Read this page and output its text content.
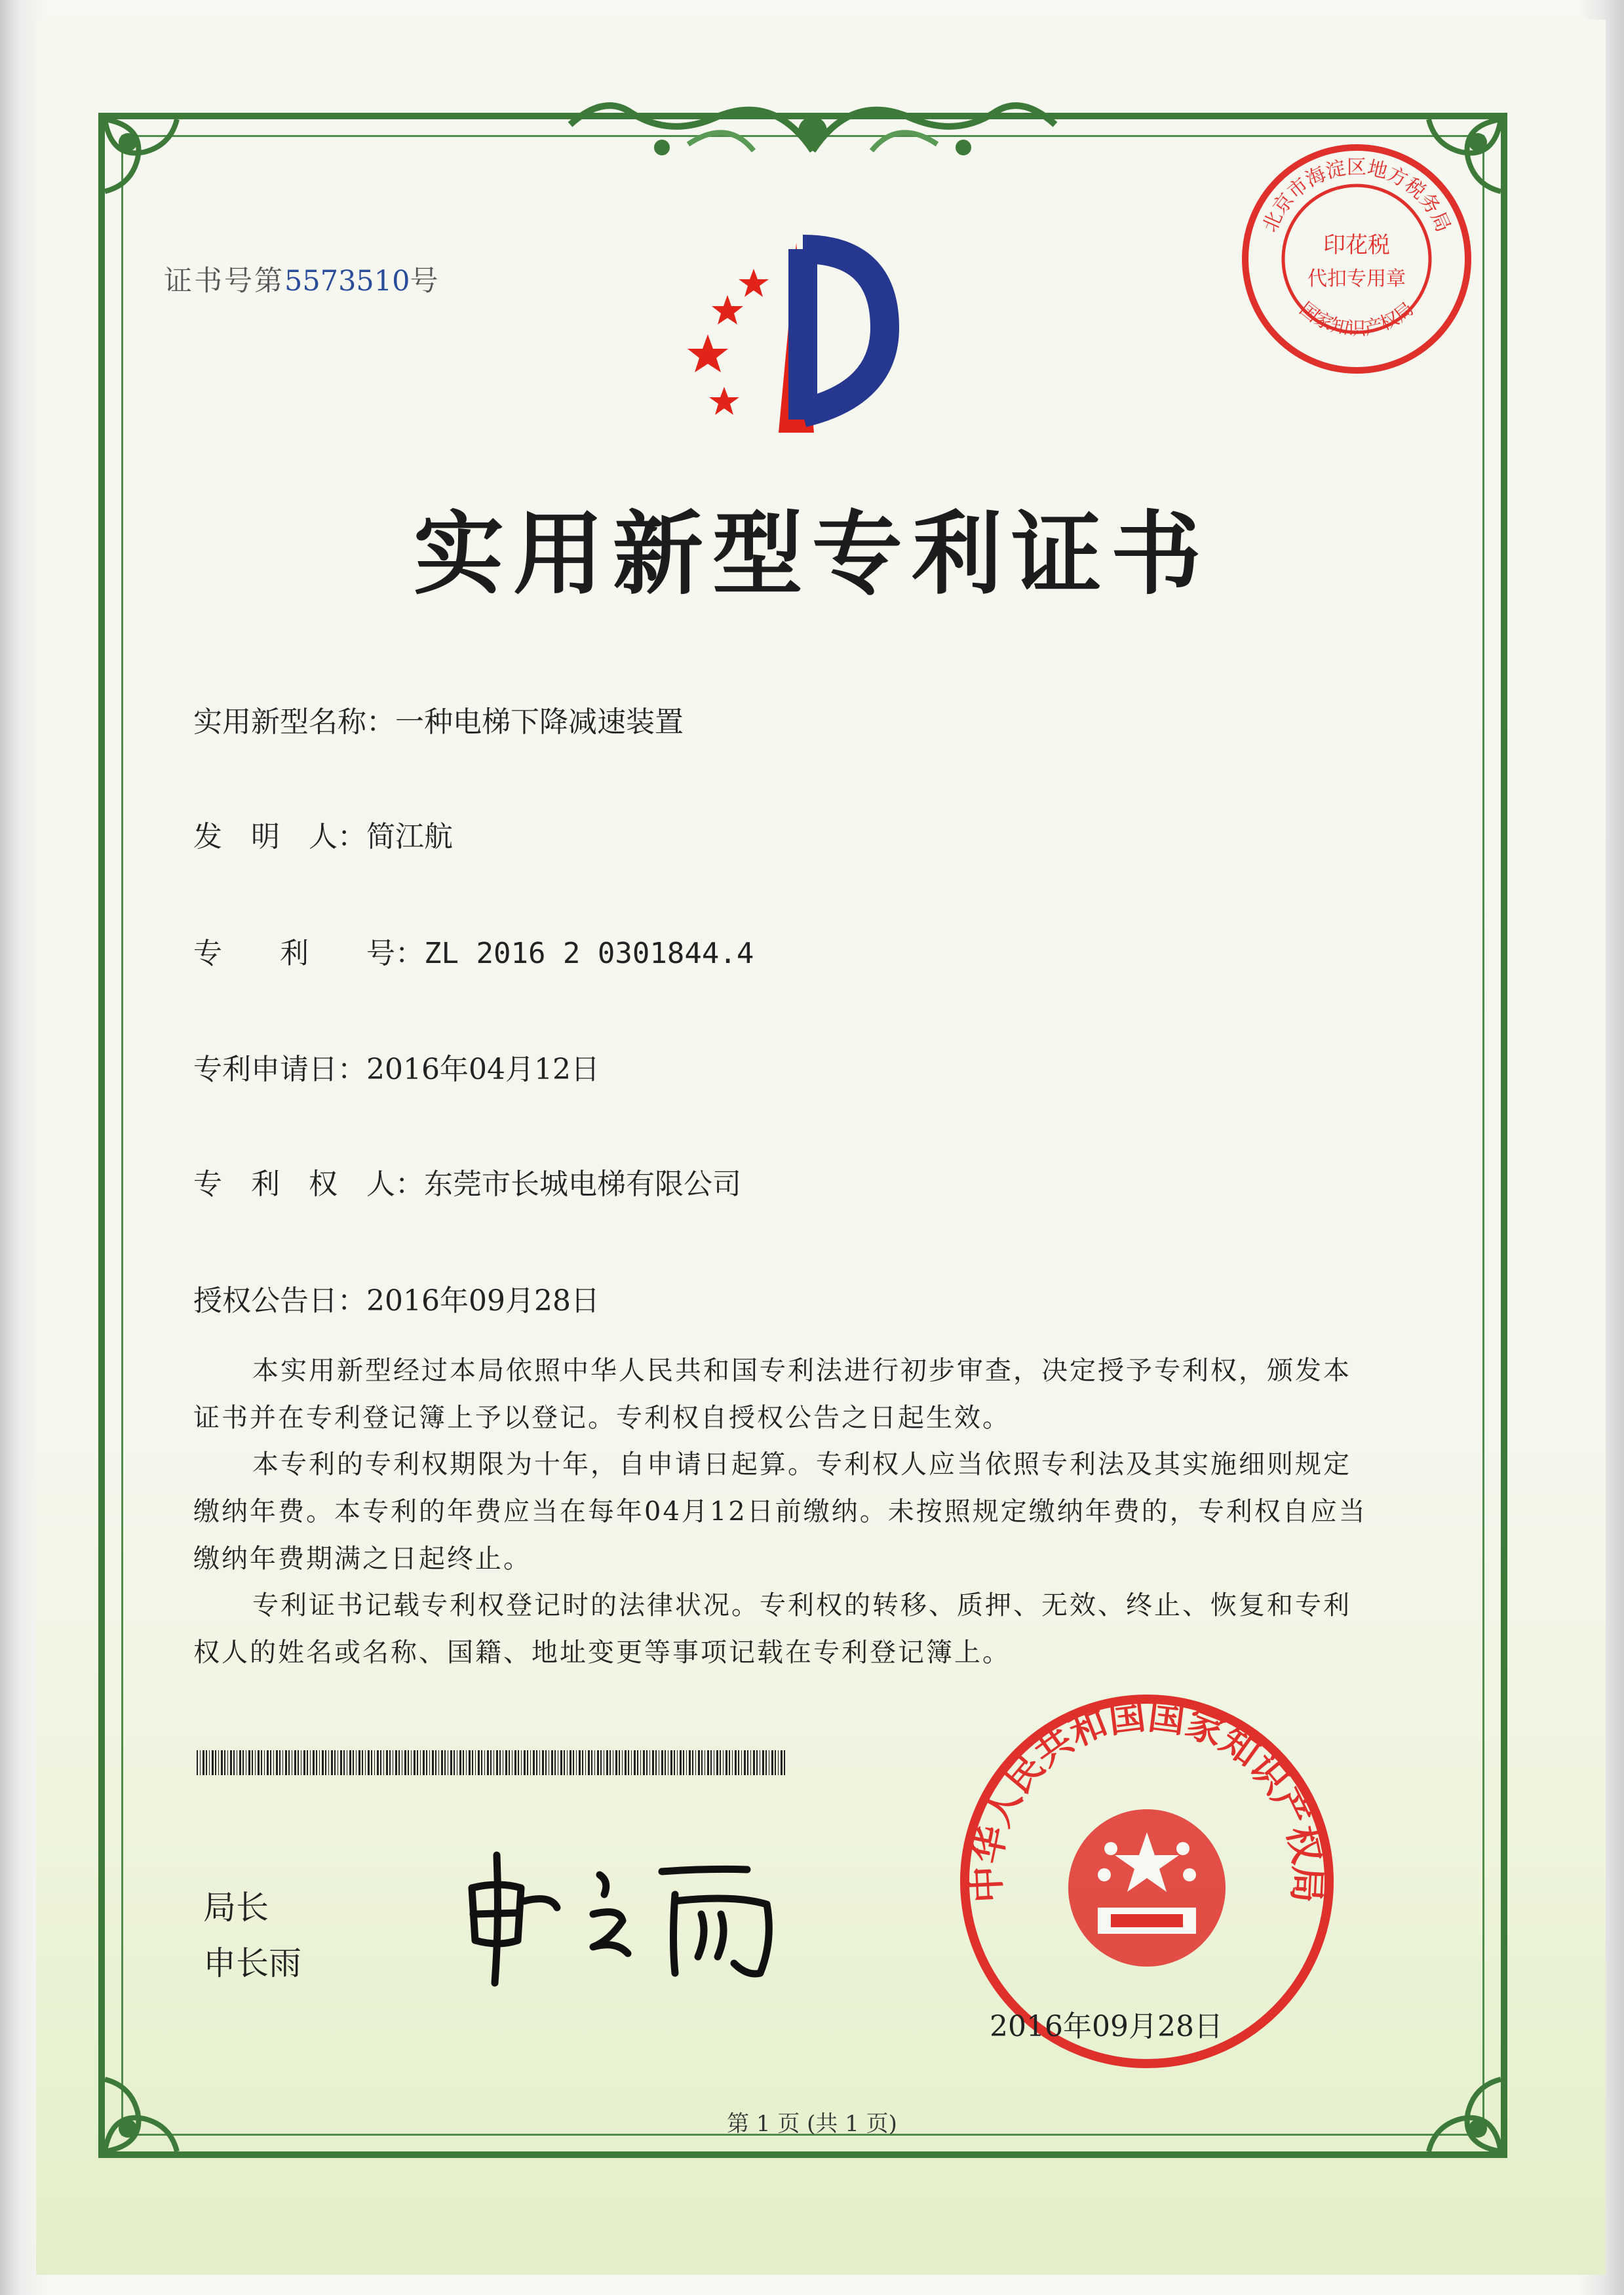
证书号第5573510号
北京市海淀区地方税务局
印花税
代扣专用章
国家知识产权局
实用新型专利证书
实用新型名称：一种电梯下降减速装置
发　明　人：简江航
专　　利　　号：ZL 2016 2 0301844.4
专利申请日：2016年04月12日
专　利　权　人：东莞市长城电梯有限公司
授权公告日：2016年09月28日
本实用新型经过本局依照中华人民共和国专利法进行初步审查，决定授予专利权，颁发本证书并在专利登记簿上予以登记。专利权自授权公告之日起生效。
本专利的专利权期限为十年，自申请日起算。专利权人应当依照专利法及其实施细则规定缴纳年费。本专利的年费应当在每年04月12日前缴纳。未按照规定缴纳年费的，专利权自应当缴纳年费期满之日起终止。
专利证书记载专利权登记时的法律状况。专利权的转移、质押、无效、终止、恢复和专利权人的姓名或名称、国籍、地址变更等事项记载在专利登记簿上。
局长
申长雨
中华人民共和国国家知识产权局
2016年09月28日
第 1 页 (共 1 页)
